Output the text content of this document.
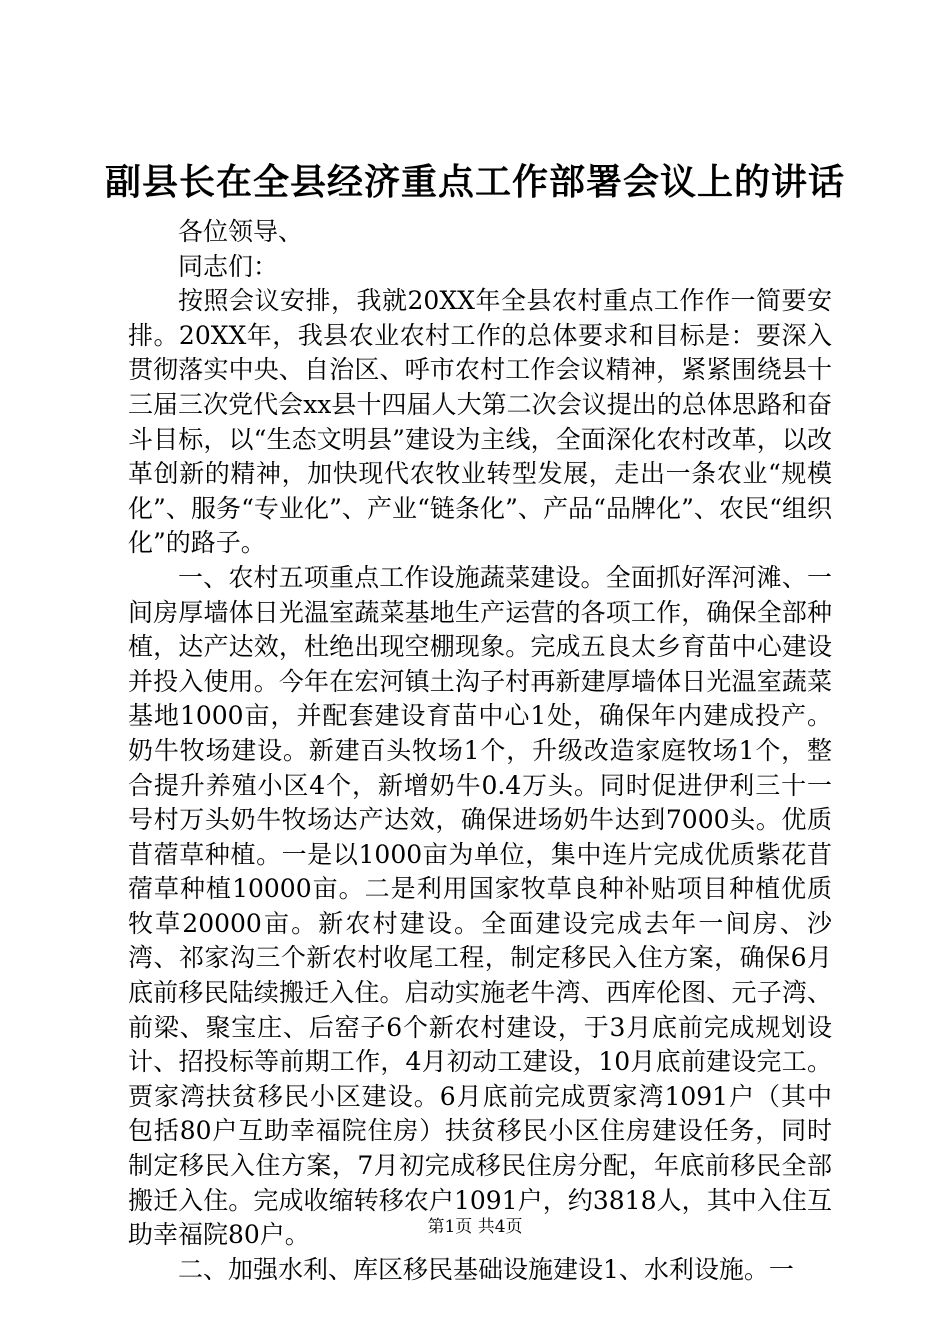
副县长在全县经济重点工作部署会议上的讲话

各位领导、

同志们：

按照会议安排，我就20XX年全县农村重点工作作一简要安排。20XX年，我县农业农村工作的总体要求和目标是：要深入贯彻落实中央、自治区、呼市农村工作会议精神，紧紧围绕县十三届三次党代会xx县十四届人大第二次会议提出的总体思路和奋斗目标，以“生态文明县”建设为主线，全面深化农村改革，以改革创新的精神，加快现代农牧业转型发展，走出一条农业“规模化”、服务“专业化”、产业“链条化”、产品“品牌化”、农民“组织化”的路子。

一、农村五项重点工作设施蔬菜建设。全面抓好浑河滩、一间房厚墙体日光温室蔬菜基地生产运营的各项工作，确保全部种植，达产达效，杜绝出现空棚现象。完成五良太乡育苗中心建设并投入使用。今年在宏河镇土沟子村再新建厚墙体日光温室蔬菜基地1000亩，并配套建设育苗中心1处，确保年内建成投产。奶牛牧场建设。新建百头牧场1个，升级改造家庭牧场1个，整合提升养殖小区4个，新增奶牛0.4万头。同时促进伊利三十一号村万头奶牛牧场达产达效，确保进场奶牛达到7000头。优质苜蓿草种植。一是以1000亩为单位，集中连片完成优质紫花苜蓿草种植10000亩。二是利用国家牧草良种补贴项目种植优质牧草20000亩。新农村建设。全面建设完成去年一间房、沙湾、祁家沟三个新农村收尾工程，制定移民入住方案，确保6月底前移民陆续搬迁入住。启动实施老牛湾、西库伦图、元子湾、前梁、聚宝庄、后窑子6个新农村建设，于3月底前完成规划设计、招投标等前期工作，4月初动工建设，10月底前建设完工。贾家湾扶贫移民小区建设。6月底前完成贾家湾1091户（其中包括80户互助幸福院住房）扶贫移民小区住房建设任务，同时制定移民入住方案，7月初完成移民住房分配，年底前移民全部搬迁入住。完成收缩转移农户1091户，约3818人，其中入住互助幸福院80户。

二、加强水利、库区移民基础设施建设1、水利设施。一

第1页 共4页
